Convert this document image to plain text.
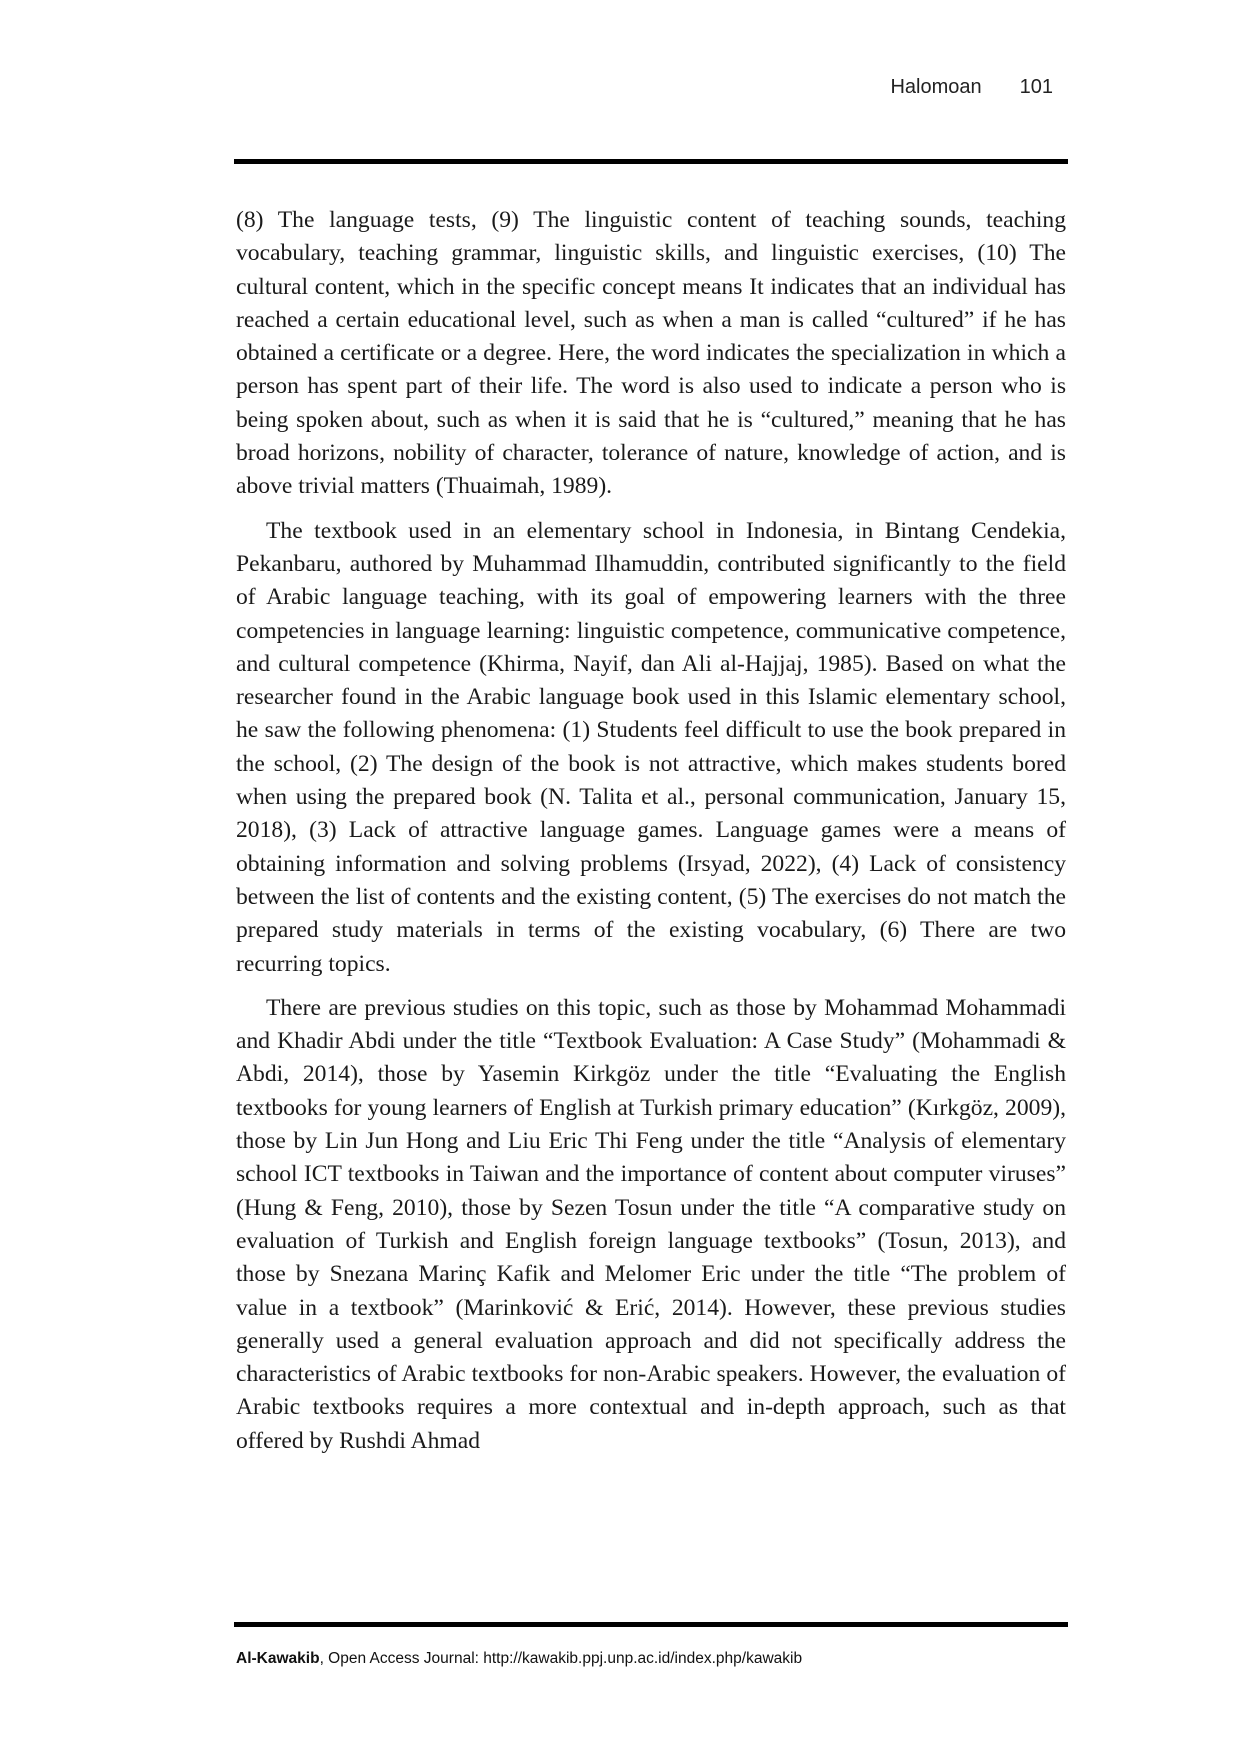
Halomoan 101

(8) The language tests, (9) The linguistic content of teaching sounds, teaching vocabulary, teaching grammar, linguistic skills, and linguistic exercises, (10) The cultural content, which in the specific concept means It indicates that an individual has reached a certain educational level, such as when a man is called “cultured” if he has obtained a certificate or a degree. Here, the word indicates the specialization in which a person has spent part of their life. The word is also used to indicate a person who is being spoken about, such as when it is said that he is “cultured,” meaning that he has broad horizons, nobility of character, tolerance of nature, knowledge of action, and is above trivial matters (Thuaimah, 1989).

The textbook used in an elementary school in Indonesia, in Bintang Cendekia, Pekanbaru, authored by Muhammad Ilhamuddin, contributed significantly to the field of Arabic language teaching, with its goal of empowering learners with the three competencies in language learning: linguistic competence, communicative competence, and cultural competence (Khirma, Nayif, dan Ali al-Hajjaj, 1985). Based on what the researcher found in the Arabic language book used in this Islamic elementary school, he saw the following phenomena: (1) Students feel difficult to use the book prepared in the school, (2) The design of the book is not attractive, which makes students bored when using the prepared book (N. Talita et al., personal communication, January 15, 2018), (3) Lack of attractive language games. Language games were a means of obtaining information and solving problems (Irsyad, 2022), (4) Lack of consistency between the list of contents and the existing content, (5) The exercises do not match the prepared study materials in terms of the existing vocabulary, (6) There are two recurring topics.

There are previous studies on this topic, such as those by Mohammad Mohammadi and Khadir Abdi under the title “Textbook Evaluation: A Case Study” (Mohammadi & Abdi, 2014), those by Yasemin Kirkgöz under the title “Evaluating the English textbooks for young learners of English at Turkish primary education” (Kırkgöz, 2009), those by Lin Jun Hong and Liu Eric Thi Feng under the title “Analysis of elementary school ICT textbooks in Taiwan and the importance of content about computer viruses” (Hung & Feng, 2010), those by Sezen Tosun under the title “A comparative study on evaluation of Turkish and English foreign language textbooks” (Tosun, 2013), and those by Snezana Marinç Kafik and Melomer Eric under the title “The problem of value in a textbook” (Marinković & Erić, 2014). However, these previous studies generally used a general evaluation approach and did not specifically address the characteristics of Arabic textbooks for non-Arabic speakers. However, the evaluation of Arabic textbooks requires a more contextual and in-depth approach, such as that offered by Rushdi Ahmad

Al-Kawakib, Open Access Journal: http://kawakib.ppj.unp.ac.id/index.php/kawakib
